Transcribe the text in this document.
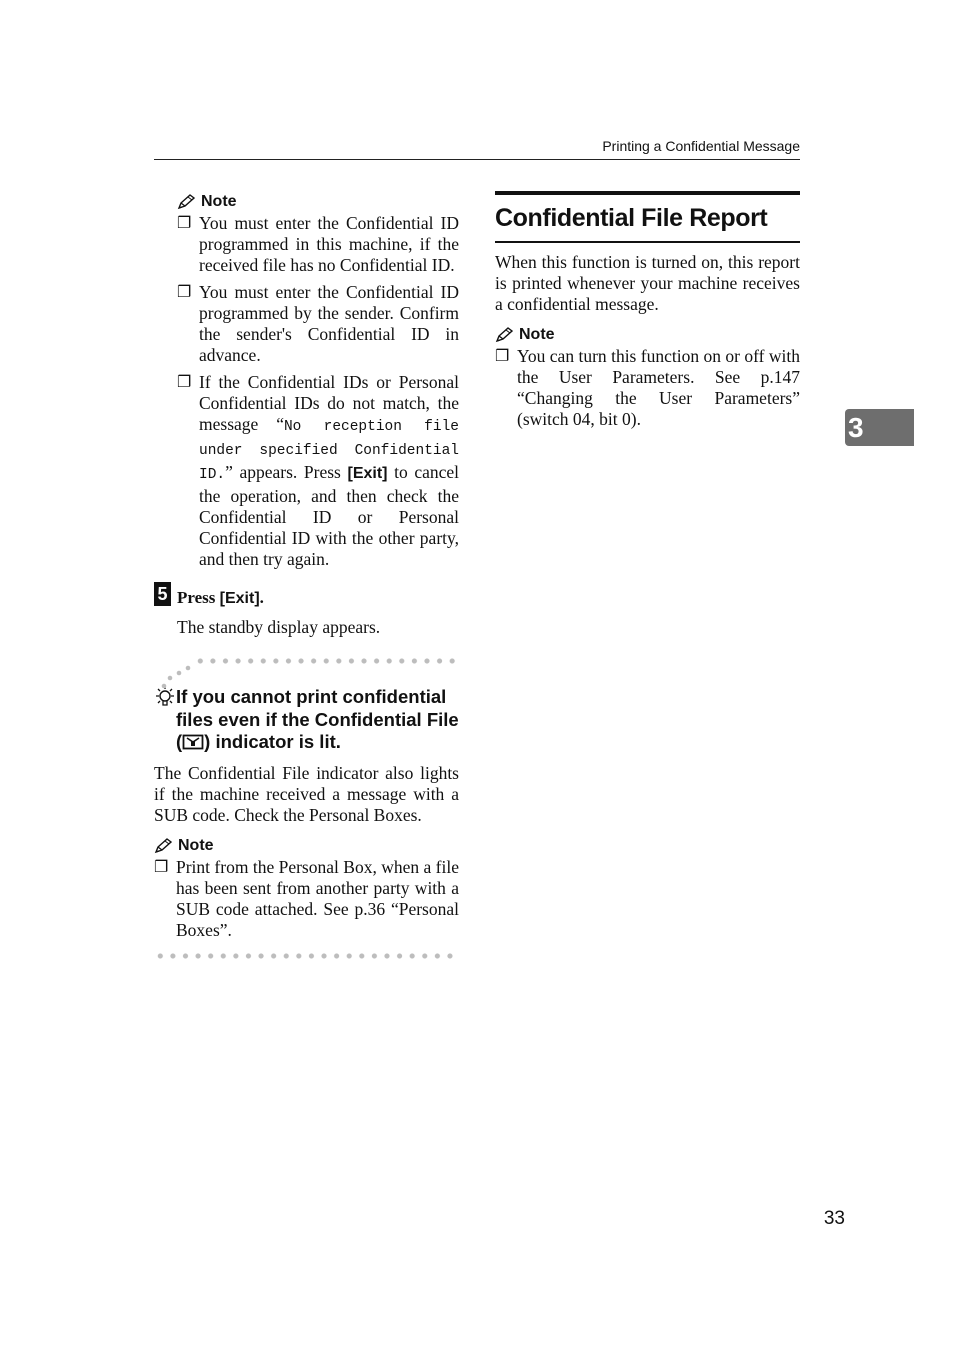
Printing a Confidential Message
Note
❐ You must enter the Confidential ID programmed in this machine, if the received file has no Confidential ID.
❐ You must enter the Confidential ID programmed by the sender. Confirm the sender's Confidential ID in advance.
❐ If the Confidential IDs or Personal Confidential IDs do not match, the message “No reception file under specified Confidential ID.” appears. Press [Exit] to cancel the operation, and then check the Confidential ID or Personal Confidential ID with the other party, and then try again.
5 Press [Exit].
The standby display appears.
If you cannot print confidential files even if the Confidential File ( ) indicator is lit.
The Confidential File indicator also lights if the machine received a message with a SUB code. Check the Personal Boxes.
Note
❐ Print from the Personal Box, when a file has been sent from another party with a SUB code attached. See p.36 “Personal Boxes”.
Confidential File Report
When this function is turned on, this report is printed whenever your machine receives a confidential message.
Note
❐ You can turn this function on or off with the User Parameters. See p.147 “Changing the User Parameters” (switch 04, bit 0).	3
33
